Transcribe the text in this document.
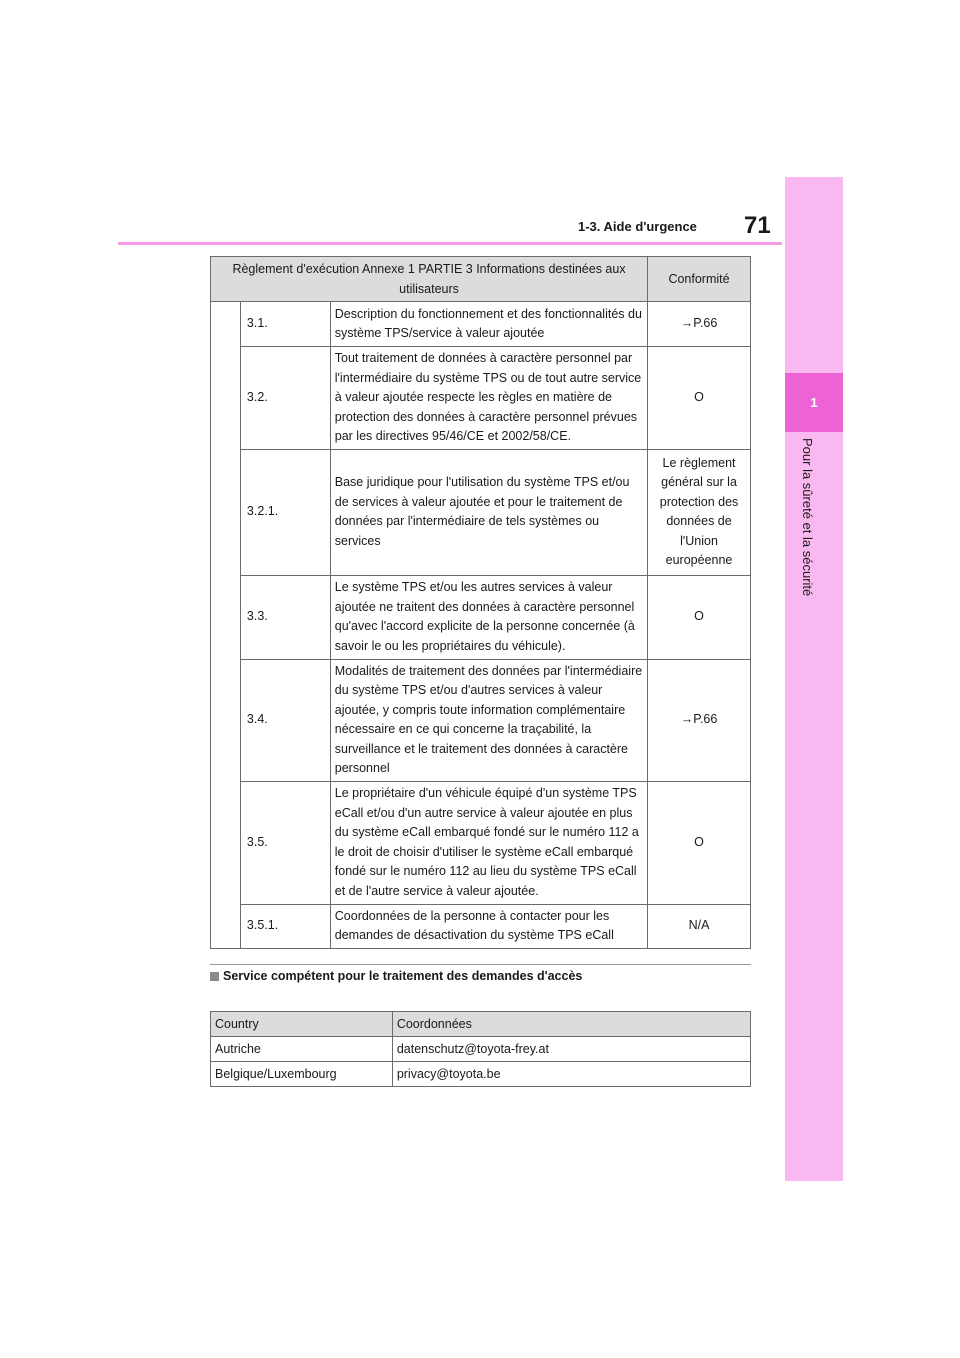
1-3. Aide d'urgence 71
1
Pour la sûreté et la sécurité
Règlement d'exécution Annexe 1 PARTIE 3 Informations destinées aux utilisateurs			Conformité
	3.1.	Description du fonctionnement et des fonctionnalités du système TPS/service à valeur ajoutée	→P.66
	3.2.	Tout traitement de données à caractère personnel par l'intermédiaire du système TPS ou de tout autre service à valeur ajoutée respecte les règles en matière de protection des données à caractère personnel prévues par les directives 95/46/CE et 2002/58/CE.	O
	3.2.1.	Base juridique pour l'utilisation du système TPS et/ou de services à valeur ajoutée et pour le traitement de données par l'intermédiaire de tels systèmes ou services	Le règlement général sur la protection des données de l'Union européenne
	3.3.	Le système TPS et/ou les autres services à valeur ajoutée ne traitent des données à caractère personnel qu'avec l'accord explicite de la personne concernée (à savoir le ou les propriétaires du véhicule).	O
	3.4.	Modalités de traitement des données par l'intermédiaire du système TPS et/ou d'autres services à valeur ajoutée, y compris toute information complémentaire nécessaire en ce qui concerne la traçabilité, la surveillance et le traitement des données à caractère personnel	→P.66
	3.5.	Le propriétaire d'un véhicule équipé d'un système TPS eCall et/ou d'un autre service à valeur ajoutée en plus du système eCall embarqué fondé sur le numéro 112 a le droit de choisir d'utiliser le système eCall embarqué fondé sur le numéro 112 au lieu du système TPS eCall et de l'autre service à valeur ajoutée.	O
	3.5.1.	Coordonnées de la personne à contacter pour les demandes de désactivation du système TPS eCall	N/A
Service compétent pour le traitement des demandes d'accès
Country	Coordonnées
Autriche	datenschutz@toyota-frey.at
Belgique/Luxembourg	privacy@toyota.be
